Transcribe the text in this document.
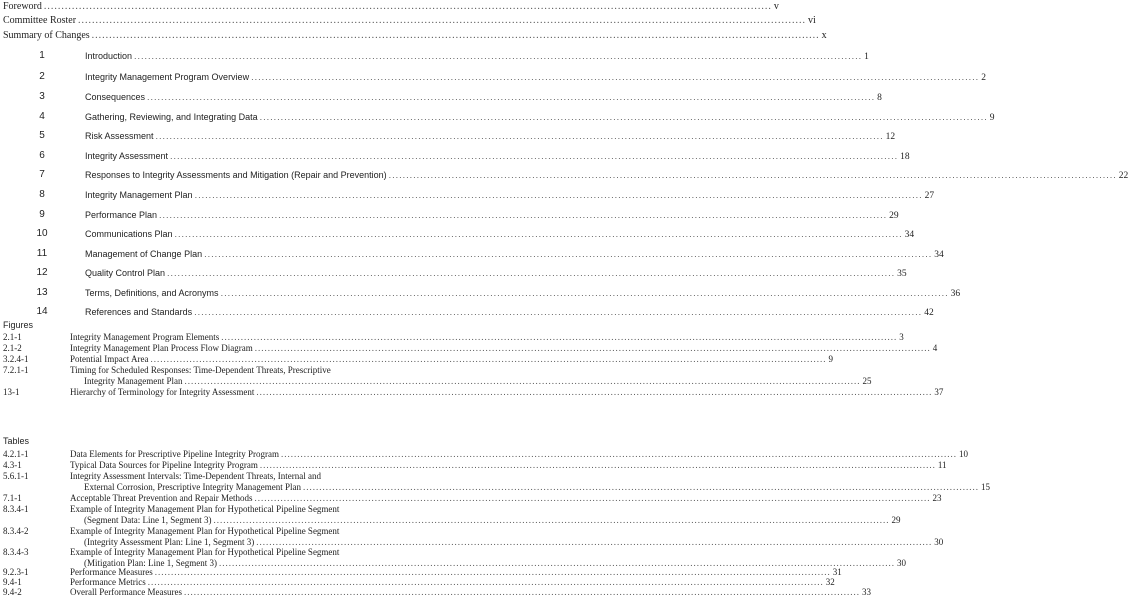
Foreword .....	v
Committee Roster .....	vi
Summary of Changes .....	x
1	Introduction .....	1
2	Integrity Management Program Overview .....	2
3	Consequences .....	8
4	Gathering, Reviewing, and Integrating Data .....	9
5	Risk Assessment .....	12
6	Integrity Assessment .....	18
7	Responses to Integrity Assessments and Mitigation (Repair and Prevention) .....	22
8	Integrity Management Plan .....	27
9	Performance Plan .....	29
10	Communications Plan .....	34
11	Management of Change Plan .....	34
12	Quality Control Plan .....	35
13	Terms, Definitions, and Acronyms .....	36
14	References and Standards .....	42
Figures
2.1-1	Integrity Management Program Elements .....	3
2.1-2	Integrity Management Plan Process Flow Diagram .....	4
3.2.4-1	Potential Impact Area .....	9
7.2.1-1	Timing for Scheduled Responses: Time-Dependent Threats, Prescriptive
Integrity Management Plan .....	25
13-1	Hierarchy of Terminology for Integrity Assessment .....	37
Tables
4.2.1-1	Data Elements for Prescriptive Pipeline Integrity Program .....	10
4.3-1	Typical Data Sources for Pipeline Integrity Program .....	11
5.6.1-1	Integrity Assessment Intervals: Time-Dependent Threats, Internal and
External Corrosion, Prescriptive Integrity Management Plan .....	15
7.1-1	Acceptable Threat Prevention and Repair Methods .....	23
8.3.4-1	Example of Integrity Management Plan for Hypothetical Pipeline Segment
(Segment Data: Line 1, Segment 3) .....	29
8.3.4-2	Example of Integrity Management Plan for Hypothetical Pipeline Segment
(Integrity Assessment Plan: Line 1, Segment 3) .....	30
8.3.4-3	Example of Integrity Management Plan for Hypothetical Pipeline Segment
(Mitigation Plan: Line 1, Segment 3) .....	30
9.2.3-1	Performance Measures .....	31
9.4-1	Performance Metrics .....	32
9.4-2	Overall Performance Measures .....	33
